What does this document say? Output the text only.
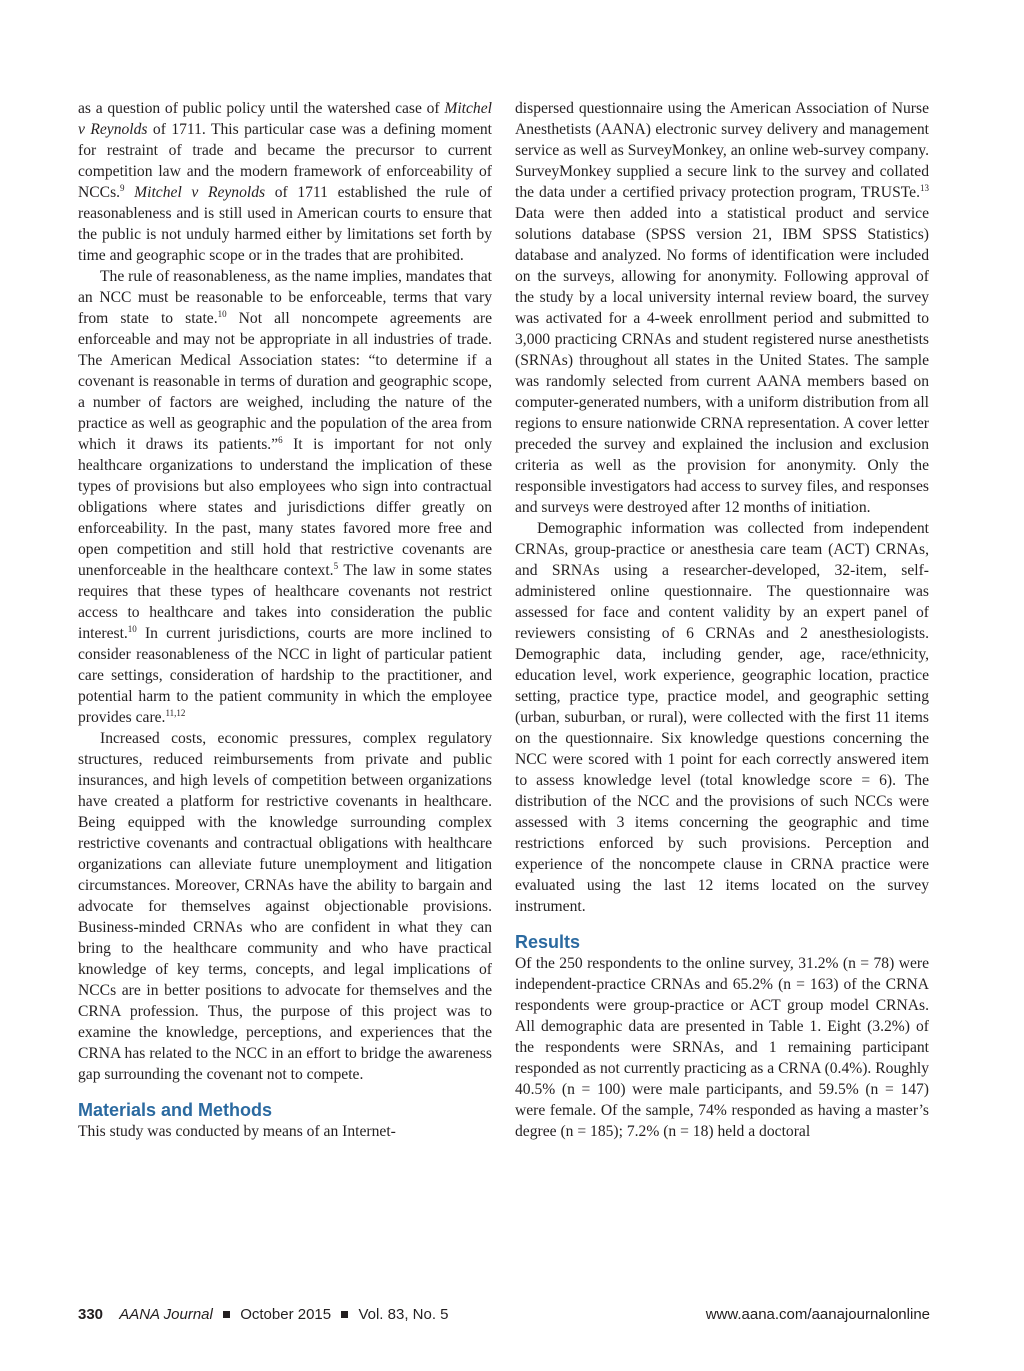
as a question of public policy until the watershed case of Mitchel v Reynolds of 1711. This particular case was a defining moment for restraint of trade and became the precursor to current competition law and the modern framework of enforceability of NCCs.$^9$ Mitchel v Reynolds of 1711 established the rule of reasonableness and is still used in American courts to ensure that the public is not unduly harmed either by limitations set forth by time and geographic scope or in the trades that are prohibited.

The rule of reasonableness, as the name implies, mandates that an NCC must be reasonable to be enforceable, terms that vary from state to state.$^{10}$ Not all noncompete agreements are enforceable and may not be appropriate in all industries of trade. The American Medical Association states: “to determine if a covenant is reasonable in terms of duration and geographic scope, a number of factors are weighed, including the nature of the practice as well as geographic and the population of the area from which it draws its patients.”$^6$ It is important for not only healthcare organizations to understand the implication of these types of provisions but also employees who sign into contractual obligations where states and jurisdictions differ greatly on enforceability. In the past, many states favored more free and open competition and still hold that restrictive covenants are unenforceable in the healthcare context.$^5$ The law in some states requires that these types of healthcare covenants not restrict access to healthcare and takes into consideration the public interest.$^{10}$ In current jurisdictions, courts are more inclined to consider reasonableness of the NCC in light of particular patient care settings, consideration of hardship to the practitioner, and potential harm to the patient community in which the employee provides care.$^{11,12}$

Increased costs, economic pressures, complex regulatory structures, reduced reimbursements from private and public insurances, and high levels of competition between organizations have created a platform for restrictive covenants in healthcare. Being equipped with the knowledge surrounding complex restrictive covenants and contractual obligations with healthcare organizations can alleviate future unemployment and litigation circumstances. Moreover, CRNAs have the ability to bargain and advocate for themselves against objectionable provisions. Business-minded CRNAs who are confident in what they can bring to the healthcare community and who have practical knowledge of key terms, concepts, and legal implications of NCCs are in better positions to advocate for themselves and the CRNA profession. Thus, the purpose of this project was to examine the knowledge, perceptions, and experiences that the CRNA has related to the NCC in an effort to bridge the awareness gap surrounding the covenant not to compete.

Materials and Methods

This study was conducted by means of an Internet-

dispersed questionnaire using the American Association of Nurse Anesthetists (AANA) electronic survey delivery and management service as well as SurveyMonkey, an online web-survey company. SurveyMonkey supplied a secure link to the survey and collated the data under a certified privacy protection program, TRUSTe.$^{13}$ Data were then added into a statistical product and service solutions database (SPSS version 21, IBM SPSS Statistics) database and analyzed. No forms of identification were included on the surveys, allowing for anonymity. Following approval of the study by a local university internal review board, the survey was activated for a 4-week enrollment period and submitted to 3,000 practicing CRNAs and student registered nurse anesthetists (SRNAs) throughout all states in the United States. The sample was randomly selected from current AANA members based on computer-generated numbers, with a uniform distribution from all regions to ensure nationwide CRNA representation. A cover letter preceded the survey and explained the inclusion and exclusion criteria as well as the provision for anonymity. Only the responsible investigators had access to survey files, and responses and surveys were destroyed after 12 months of initiation.

Demographic information was collected from independent CRNAs, group-practice or anesthesia care team (ACT) CRNAs, and SRNAs using a researcher-developed, 32-item, self-administered online questionnaire. The questionnaire was assessed for face and content validity by an expert panel of reviewers consisting of 6 CRNAs and 2 anesthesiologists. Demographic data, including gender, age, race/ethnicity, education level, work experience, geographic location, practice setting, practice type, practice model, and geographic setting (urban, suburban, or rural), were collected with the first 11 items on the questionnaire. Six knowledge questions concerning the NCC were scored with 1 point for each correctly answered item to assess knowledge level (total knowledge score = 6). The distribution of the NCC and the provisions of such NCCs were assessed with 3 items concerning the geographic and time restrictions enforced by such provisions. Perception and experience of the noncompete clause in CRNA practice were evaluated using the last 12 items located on the survey instrument.

Results

Of the 250 respondents to the online survey, 31.2% (n = 78) were independent-practice CRNAs and 65.2% (n = 163) of the CRNA respondents were group-practice or ACT group model CRNAs. All demographic data are presented in Table 1. Eight (3.2%) of the respondents were SRNAs, and 1 remaining participant responded as not currently practicing as a CRNA (0.4%). Roughly 40.5% (n = 100) were male participants, and 59.5% (n = 147) were female. Of the sample, 74% responded as having a master’s degree (n = 185); 7.2% (n = 18) held a doctoral

330 AANA Journal October 2015 Vol. 83, No. 5	www.aana.com/aanajournalonline
